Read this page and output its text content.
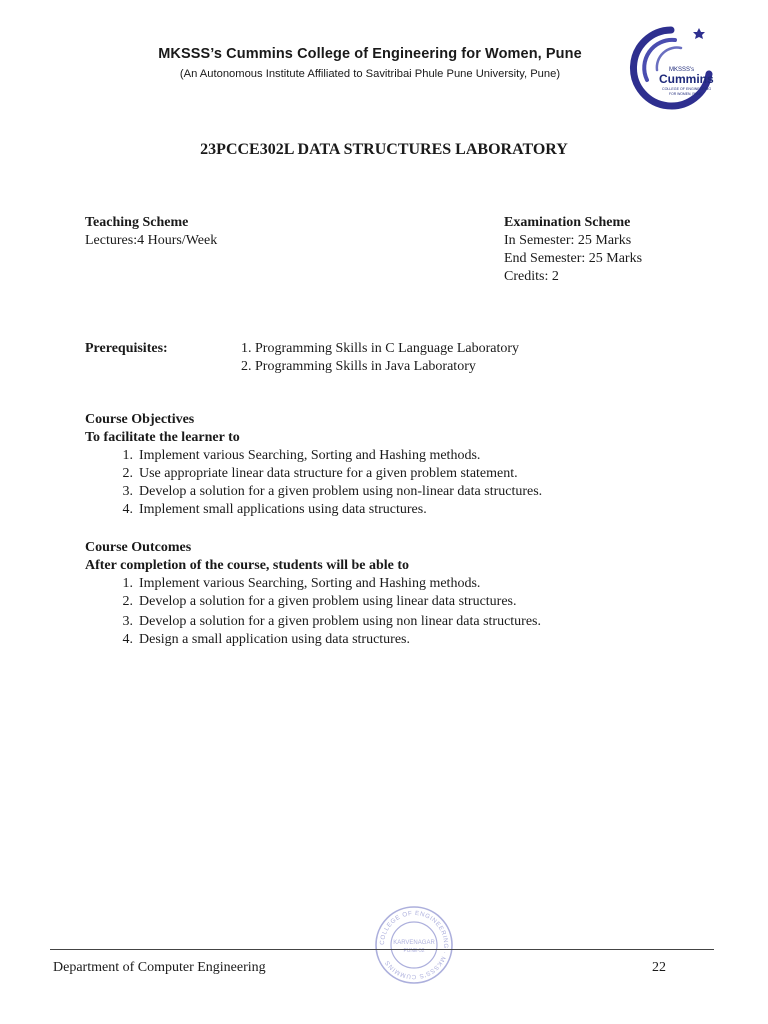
MKSSS’s Cummins College of Engineering for Women, Pune
(An Autonomous Institute Affiliated to Savitribai Phule Pune University, Pune)	MKSSS's
Cummins
COLLEGE OF ENGINEERING
FOR WOMEN, PUNE
23PCCE302L DATA STRUCTURES LABORATORY
Teaching Scheme
Lectures:4 Hours/Week
Examination Scheme
In Semester: 25 Marks
End Semester: 25 Marks
Credits: 2
Prerequisites:	1. Programming Skills in C Language Laboratory
2. Programming Skills in Java Laboratory
Course Objectives
To facilitate the learner to
1. Implement various Searching, Sorting and Hashing methods.
2. Use appropriate linear data structure for a given problem statement.
3. Develop a solution for a given problem using non-linear data structures.
4. Implement small applications using data structures.
Course Outcomes
After completion of the course, students will be able to
1. Implement various Searching, Sorting and Hashing methods.
2. Develop a solution for a given problem using linear data structures.
3. Develop a solution for a given problem using non linear data structures.
4. Design a small application using data structures.
COLLEGE OF ENGINEERING · MKSSS'S CUMMINS
KARVENAGAR
PUNE-52
Department of Computer Engineering	22
